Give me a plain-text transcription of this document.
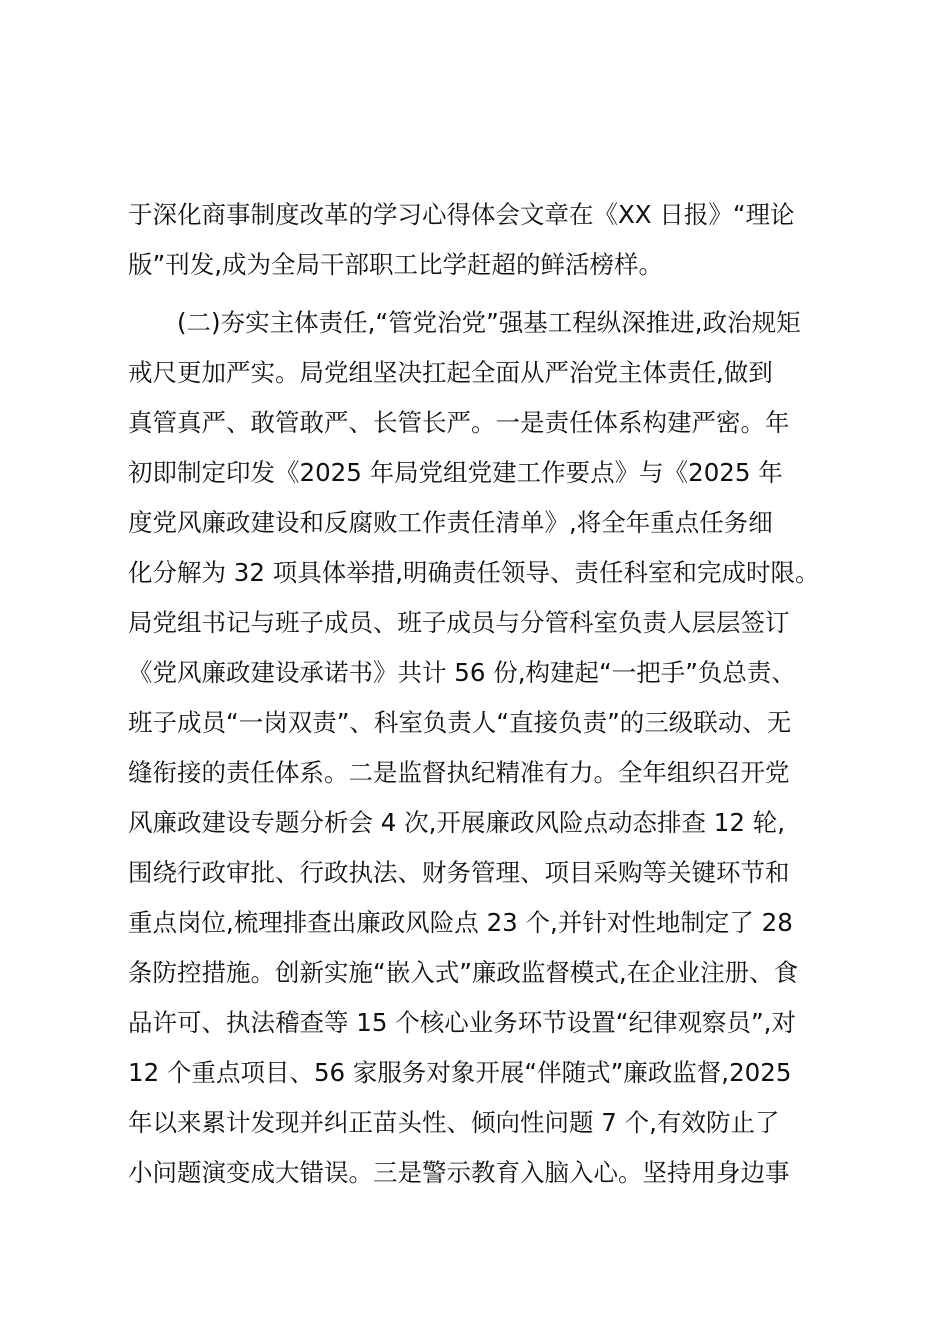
于深化商事制度改革的学习心得体会文章在《XX 日报》“理论
版”刊发,成为全局干部职工比学赶超的鲜活榜样。
　　(二)夯实主体责任,“管党治党”强基工程纵深推进,政治规矩
戒尺更加严实。局党组坚决扛起全面从严治党主体责任,做到
真管真严、敢管敢严、长管长严。一是责任体系构建严密。年
初即制定印发《2025 年局党组党建工作要点》与《2025 年
度党风廉政建设和反腐败工作责任清单》,将全年重点任务细
化分解为 32 项具体举措,明确责任领导、责任科室和完成时限。
局党组书记与班子成员、班子成员与分管科室负责人层层签订
《党风廉政建设承诺书》共计 56 份,构建起“一把手”负总责、
班子成员“一岗双责”、科室负责人“直接负责”的三级联动、无
缝衔接的责任体系。二是监督执纪精准有力。全年组织召开党
风廉政建设专题分析会 4 次,开展廉政风险点动态排查 12 轮,
围绕行政审批、行政执法、财务管理、项目采购等关键环节和
重点岗位,梳理排查出廉政风险点 23 个,并针对性地制定了 28
条防控措施。创新实施“嵌入式”廉政监督模式,在企业注册、食
品许可、执法稽查等 15 个核心业务环节设置“纪律观察员”,对
12 个重点项目、56 家服务对象开展“伴随式”廉政监督,2025
年以来累计发现并纠正苗头性、倾向性问题 7 个,有效防止了
小问题演变成大错误。三是警示教育入脑入心。坚持用身边事
